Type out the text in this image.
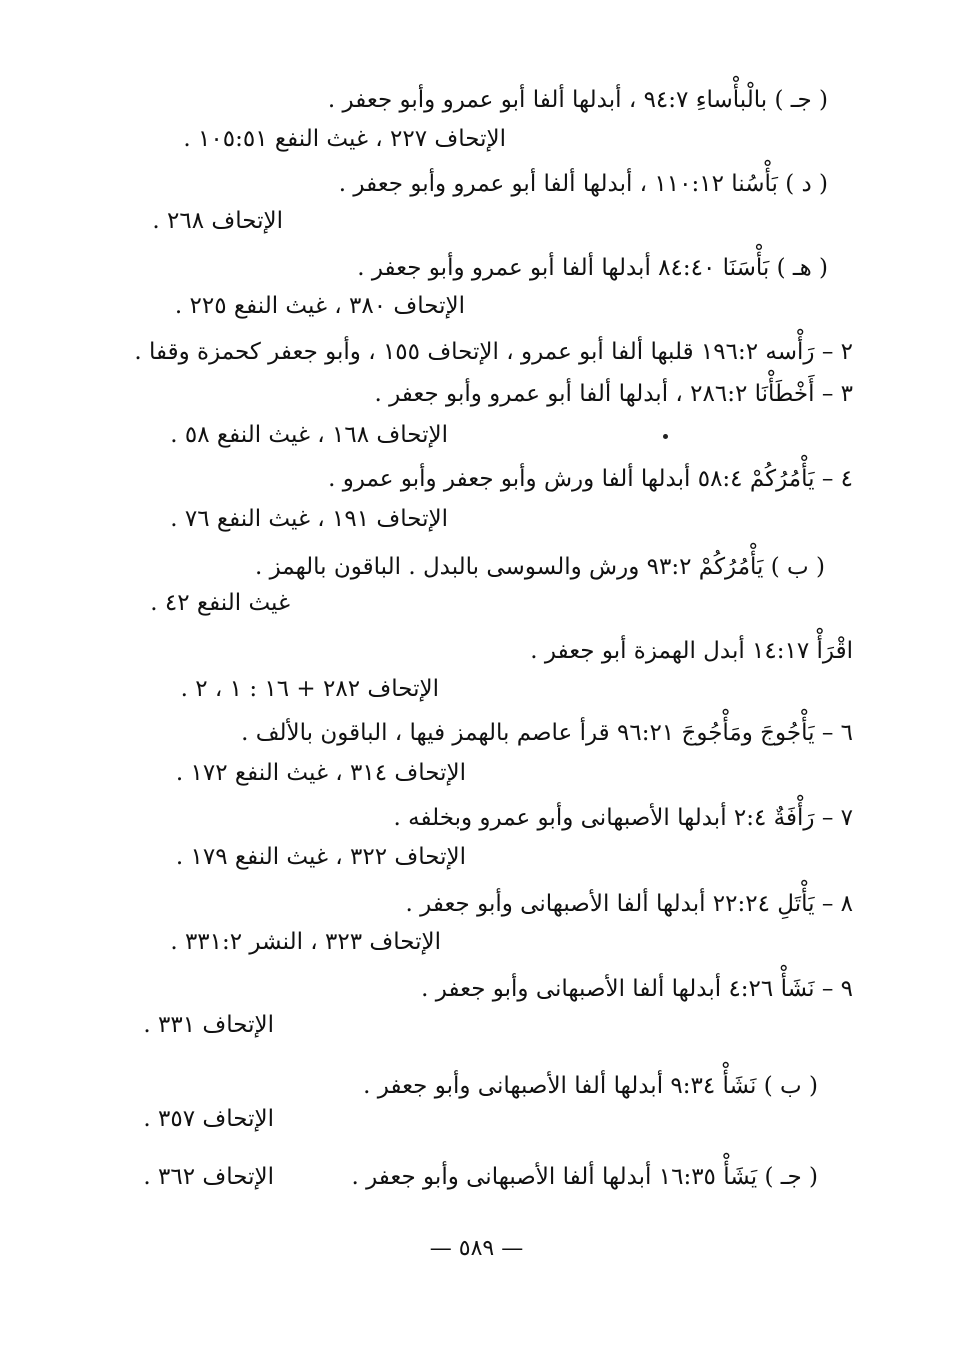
( جـ ) بالْبأْساءِ ٩٤:٧ ، أبدلها ألفا أبو عمرو وأبو جعفر .
الإتحاف ٢٢٧ ، غيث النفع ١٠٥:٥١ .
( د ) بَأْسُنا ١١٠:١٢ ، أبدلها ألفا أبو عمرو وأبو جعفر .
الإتحاف ٢٦٨ .
( هـ ) بَأْسَنَا ٨٤:٤٠ أبدلها ألفا أبو عمرو وأبو جعفر .
الإتحاف ٣٨٠ ، غيث النفع ٢٢٥ .
٢ – رَأْسه ١٩٦:٢ قلبها ألفا أبو عمرو ، الإتحاف ١٥٥ ، وأبو جعفر كحمزة وقفا .
٣ – أَخْطَأْنَا ٢٨٦:٢ ، أبدلها ألفا أبو عمرو وأبو جعفر .
الإتحاف ١٦٨ ، غيث النفع ٥٨ .
٤ – يَأْمُرُكُمْ ٥٨:٤ أبدلها ألفا ورش وأبو جعفر وأبو عمرو .
الإتحاف ١٩١ ، غيث النفع ٧٦ .
( ب ) يَأْمُرُكُمْ ٩٣:٢ ورش والسوسى بالبدل . الباقون بالهمز .
غيث النفع ٤٢ .
اقْرَأْ ١٤:١٧ أبدل الهمزة أبو جعفر .
الإتحاف ٢٨٢ + ١٦ : ١ ، ٢ .
٦ – يَأْجُوجَ ومَأْجُوجَ ٩٦:٢١ قرأ عاصم بالهمز فيها ، الباقون بالألف .
الإتحاف ٣١٤ ، غيث النفع ١٧٢ .
٧ – رَأْفَةٌ ٢:٤ أبدلها الأصبهانى وأبو عمرو وبخلفه .
الإتحاف ٣٢٢ ، غيث النفع ١٧٩ .
٨ – يَأْتَلِ ٢٢:٢٤ أبدلها ألفا الأصبهانى وأبو جعفر .
الإتحاف ٣٢٣ ، النشر ٣٣١:٢ .
٩ – نَشَأْ ٤:٢٦ أبدلها ألفا الأصبهانى وأبو جعفر .
الإتحاف ٣٣١ .
( ب ) نَشَأْ ٩:٣٤ أبدلها ألفا الأصبهانى وأبو جعفر .
الإتحاف ٣٥٧ .
( جـ ) يَشَأْ ١٦:٣٥ أبدلها ألفا الأصبهانى وأبو جعفر .
الإتحاف ٣٦٢ .
— ٥٨٩ —
